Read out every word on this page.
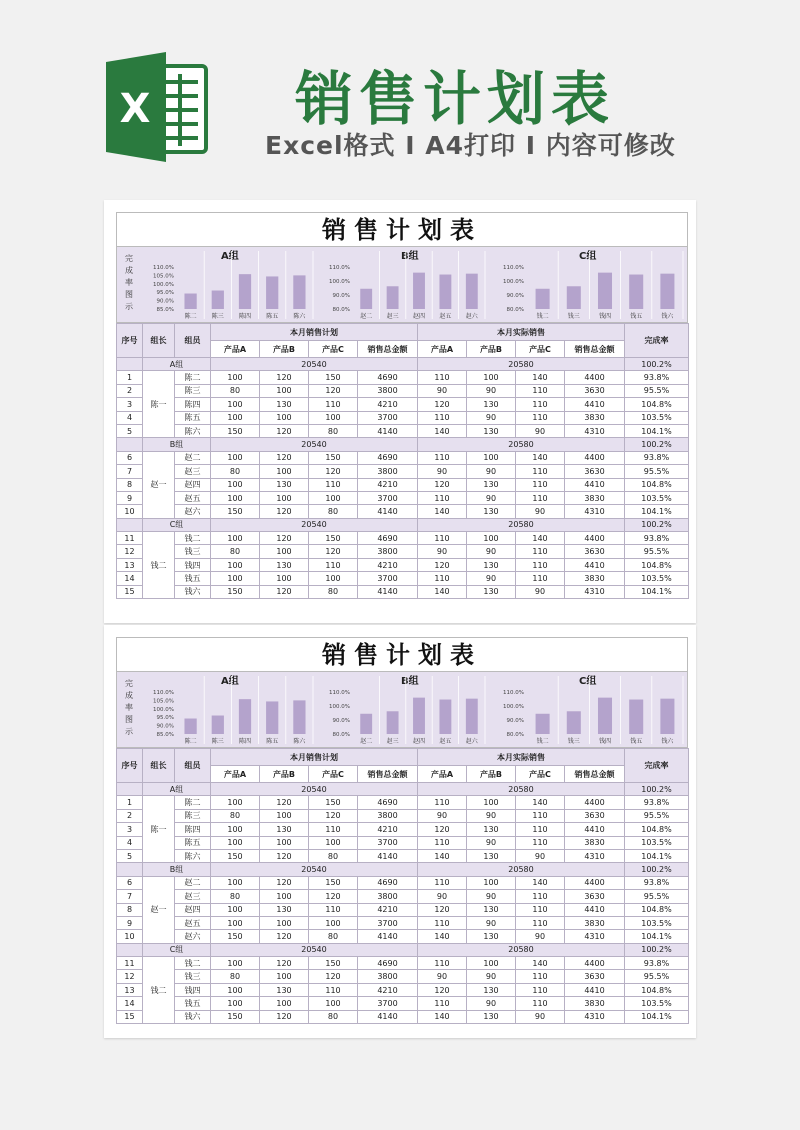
X 销售计划表
Excel格式 I A4打印 I 内容可修改
销售计划表
完
成
率
图
示
A组
110.0%
105.0%
100.0%
95.0%
90.0%
85.0%
陈二	陈三	陈四	陈五	陈六
B组
110.0%
100.0%
90.0%
80.0%
赵二 赵三 赵四 赵五 赵六
C组
110.0%
100.0%
90.0%
80.0%
钱二	钱三	钱四	钱五	钱六
序号	组长	组员	本月销售计划				本月实际销售				完成率
			产品A	产品B	产品C	销售总金额	产品A	产品B	产品C	销售总金额	
	A组		20540				20580				100.2%
1	陈一	陈二	100	120	150	4690	110	100	140	4400	93.8%
2		陈三	80	100	120	3800	90	90	110	3630	95.5%
3		陈四	100	130	110	4210	120	130	110	4410	104.8%
4		陈五	100	100	100	3700	110	90	110	3830	103.5%
5		陈六	150	120	80	4140	140	130	90	4310	104.1%
	B组		20540				20580				100.2%
6	赵一	赵二	100	120	150	4690	110	100	140	4400	93.8%
7		赵三	80	100	120	3800	90	90	110	3630	95.5%
8		赵四	100	130	110	4210	120	130	110	4410	104.8%
9		赵五	100	100	100	3700	110	90	110	3830	103.5%
10		赵六	150	120	80	4140	140	130	90	4310	104.1%
	C组		20540				20580				100.2%
11	钱二	钱二	100	120	150	4690	110	100	140	4400	93.8%
12		钱三	80	100	120	3800	90	90	110	3630	95.5%
13		钱四	100	130	110	4210	120	130	110	4410	104.8%
14		钱五	100	100	100	3700	110	90	110	3830	103.5%
15		钱六	150	120	80	4140	140	130	90	4310	104.1%
销售计划表
完
成
率
图
示
A组
110.0%
105.0%
100.0%
95.0%
90.0%
85.0%
陈二	陈三	陈四	陈五	陈六
B组
110.0%
100.0%
90.0%
80.0%
赵二 赵三 赵四 赵五 赵六
C组
110.0%
100.0%
90.0%
80.0%
钱二	钱三	钱四	钱五	钱六
序号	组长	组员	本月销售计划				本月实际销售				完成率
			产品A	产品B	产品C	销售总金额	产品A	产品B	产品C	销售总金额	
	A组		20540				20580				100.2%
1	陈一	陈二	100	120	150	4690	110	100	140	4400	93.8%
2		陈三	80	100	120	3800	90	90	110	3630	95.5%
3		陈四	100	130	110	4210	120	130	110	4410	104.8%
4		陈五	100	100	100	3700	110	90	110	3830	103.5%
5		陈六	150	120	80	4140	140	130	90	4310	104.1%
	B组		20540				20580				100.2%
6	赵一	赵二	100	120	150	4690	110	100	140	4400	93.8%
7		赵三	80	100	120	3800	90	90	110	3630	95.5%
8		赵四	100	130	110	4210	120	130	110	4410	104.8%
9		赵五	100	100	100	3700	110	90	110	3830	103.5%
10		赵六	150	120	80	4140	140	130	90	4310	104.1%
	C组		20540				20580				100.2%
11	钱二	钱二	100	120	150	4690	110	100	140	4400	93.8%
12		钱三	80	100	120	3800	90	90	110	3630	95.5%
13		钱四	100	130	110	4210	120	130	110	4410	104.8%
14		钱五	100	100	100	3700	110	90	110	3830	103.5%
15		钱六	150	120	80	4140	140	130	90	4310	104.1%
